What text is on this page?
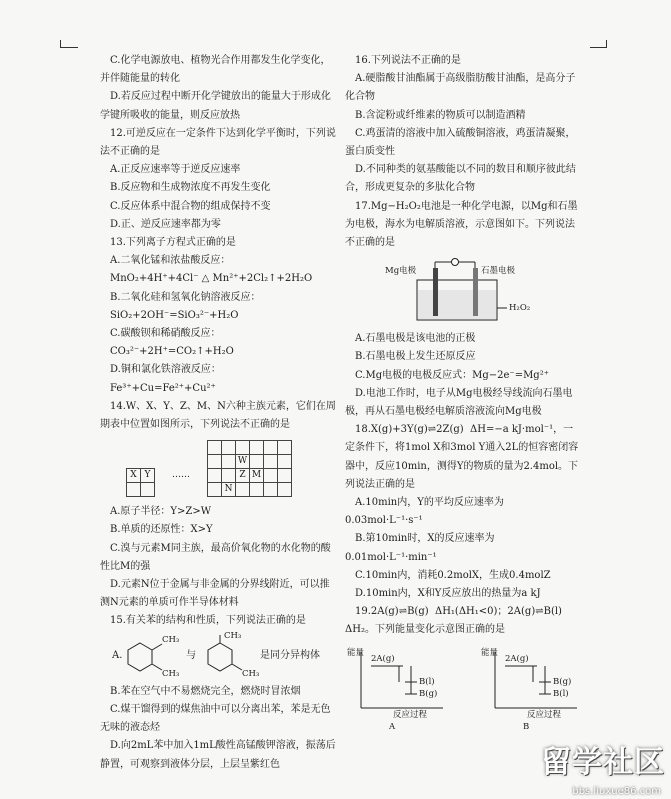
C.化学电源放电、植物光合作用都发生化学变化，并伴随能量的转化

D.若反应过程中断开化学键放出的能量大于形成化学键所吸收的能量，则反应放热

12.可逆反应在一定条件下达到化学平衡时，下列说法不正确的是

A.正反应速率等于逆反应速率

B.反应物和生成物浓度不再发生变化

C.反应体系中混合物的组成保持不变

D.正、逆反应速率都为零

13.下列离子方程式正确的是

A.二氧化锰和浓盐酸反应：

MnO₂+4H⁺+4Cl⁻ △ Mn²⁺+2Cl₂↑+2H₂O

B.二氧化硅和氢氧化钠溶液反应：

SiO₂+2OH⁻=SiO₃²⁻+H₂O

C.碳酸钡和稀硝酸反应：

CO₃²⁻+2H⁺=CO₂↑+H₂O

D.铜和氯化铁溶液反应：

Fe³⁺+Cu=Fe²⁺+Cu²⁺

14.W、X、Y、Z、M、N六种主族元素，它们在周期表中位置如图所示，下列说法不正确的是

								W			
X	Y	……						Z	M		
							N				

A.原子半径：Y>Z>W

B.单质的还原性：X>Y

C.溴与元素M同主族，最高价氧化物的水化物的酸性比M的强

D.元素N位于金属与非金属的分界线附近，可以推测N元素的单质可作半导体材料

15.有关苯的结构和性质，下列说法正确的是

A.
CH₃
CH₃
与
CH₃
CH₃
是同分异构体

B.苯在空气中不易燃烧完全，燃烧时冒浓烟

C.煤干馏得到的煤焦油中可以分离出苯，苯是无色无味的液态烃

D.向2mL苯中加入1mL酸性高锰酸钾溶液，振荡后静置，可观察到液体分层，上层呈紫红色

16.下列说法不正确的是

A.硬脂酸甘油酯属于高级脂肪酸甘油酯，是高分子化合物

B.含淀粉或纤维素的物质可以制造酒精

C.鸡蛋清的溶液中加入硫酸铜溶液，鸡蛋清凝聚，蛋白质变性

D.不同种类的氨基酸能以不同的数目和顺序彼此结合，形成更复杂的多肽化合物

17.Mg−H₂O₂电池是一种化学电源，以Mg和石墨为电极，海水为电解质溶液，示意图如下。下列说法不正确的是

Mg电极	石墨电极
H₂O₂

A.石墨电极是该电池的正极

B.石墨电极上发生还原反应

C.Mg电极的电极反应式：Mg−2e⁻=Mg²⁺

D.电池工作时，电子从Mg电极经导线流向石墨电极，再从石墨电极经电解质溶液流向Mg电极

18.X(g)+3Y(g)⇌2Z(g)  ΔH=−a kJ·mol⁻¹，一定条件下，将1mol X和3mol Y通入2L的恒容密闭容器中，反应10min，测得Y的物质的量为2.4mol。下列说法正确的是

A.10min内，Y的平均反应速率为0.03mol·L⁻¹·s⁻¹

B.第10min时，X的反应速率为0.01mol·L⁻¹·min⁻¹

C.10min内，消耗0.2molX，生成0.4molZ

D.10min内，X和Y反应放出的热量为a kJ

19.2A(g)⇌B(g)  ΔH₁(ΔH₁<0)；2A(g)⇌B(l)  ΔH₂。下列能量变化示意图正确的是

能量
2A(g)
B(l)
B(g)
反应过程
A
能量
2A(g)
B(g)
B(l)
反应过程
B
留学社区
bbs.liuxue86.com
